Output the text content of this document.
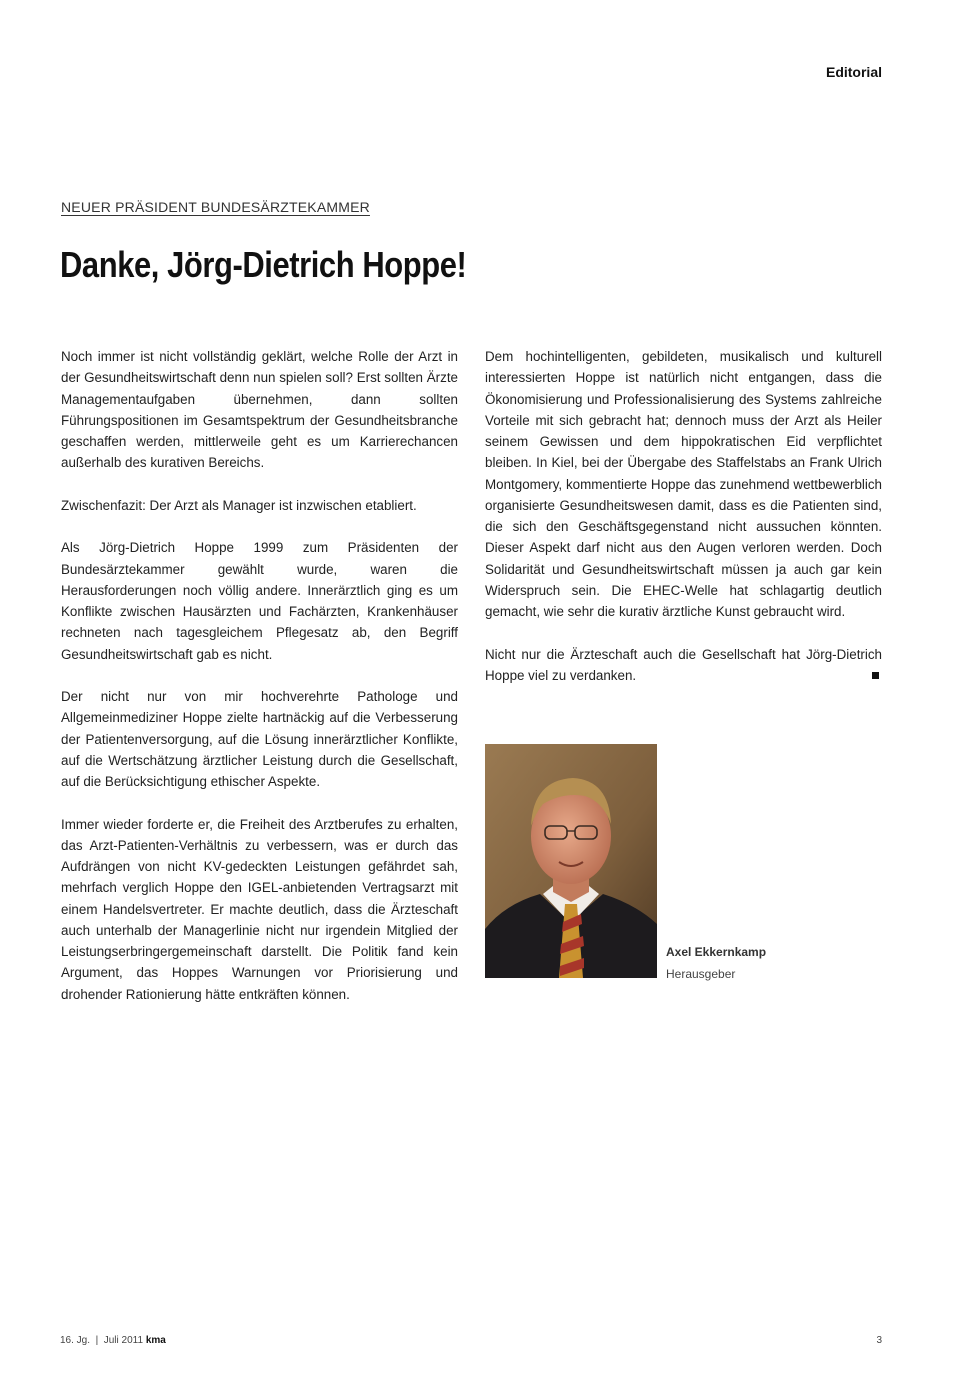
Editorial
NEUER PRÄSIDENT BUNDESÄRZTEKAMMER
Danke, Jörg-Dietrich Hoppe!

Noch immer ist nicht vollständig geklärt, welche Rolle der Arzt in der Gesundheitswirtschaft denn nun spielen soll? Erst sollten Ärzte Managementaufgaben übernehmen, dann sollten Führungspositionen im Gesamtspektrum der Gesundheitsbranche geschaffen werden, mittlerweile geht es um Karrierechancen außerhalb des kurativen Bereichs.

Zwischenfazit: Der Arzt als Manager ist inzwischen etabliert.

Als Jörg-Dietrich Hoppe 1999 zum Präsidenten der Bundesärztekammer gewählt wurde, waren die Herausforderungen noch völlig andere. Innerärztlich ging es um Konflikte zwischen Hausärzten und Fachärzten, Krankenhäuser rechneten nach tagesgleichem Pflegesatz ab, den Begriff Gesundheitswirtschaft gab es nicht.

Der nicht nur von mir hochverehrte Pathologe und Allgemeinmediziner Hoppe zielte hartnäckig auf die Verbesserung der Patientenversorgung, auf die Lösung innerärztlicher Konflikte, auf die Wertschätzung ärztlicher Leistung durch die Gesellschaft, auf die Berücksichtigung ethischer Aspekte.

Immer wieder forderte er, die Freiheit des Arztberufes zu erhalten, das Arzt-Patienten-Verhältnis zu verbessern, was er durch das Aufdrängen von nicht KV-gedeckten Leistungen gefährdet sah, mehrfach verglich Hoppe den IGEL-anbietenden Vertragsarzt mit einem Handelsvertreter. Er machte deutlich, dass die Ärzteschaft auch unterhalb der Managerlinie nicht nur irgendein Mitglied der Leistungserbringergemeinschaft darstellt. Die Politik fand kein Argument, das Hoppes Warnungen vor Priorisierung und drohender Rationierung hätte entkräften können.

Dem hochintelligenten, gebildeten, musikalisch und kulturell interessierten Hoppe ist natürlich nicht entgangen, dass die Ökonomisierung und Professionalisierung des Systems zahlreiche Vorteile mit sich gebracht hat; dennoch muss der Arzt als Heiler seinem Gewissen und dem hippokratischen Eid verpflichtet bleiben. In Kiel, bei der Übergabe des Staffelstabs an Frank Ulrich Montgomery, kommentierte Hoppe das zunehmend wettbewerblich organisierte Gesundheitswesen damit, dass es die Patienten sind, die sich den Geschäftsgegenstand nicht aussuchen könnten. Dieser Aspekt darf nicht aus den Augen verloren werden. Doch Solidarität und Gesundheitswirtschaft müssen ja auch gar kein Widerspruch sein. Die EHEC-Welle hat schlagartig deutlich gemacht, wie sehr die kurativ ärztliche Kunst gebraucht wird.

Nicht nur die Ärzteschaft auch die Gesellschaft hat Jörg-Dietrich Hoppe viel zu verdanken.

Axel Ekkernkamp
Herausgeber
16. Jg.  |  Juli 2011 kma	3
